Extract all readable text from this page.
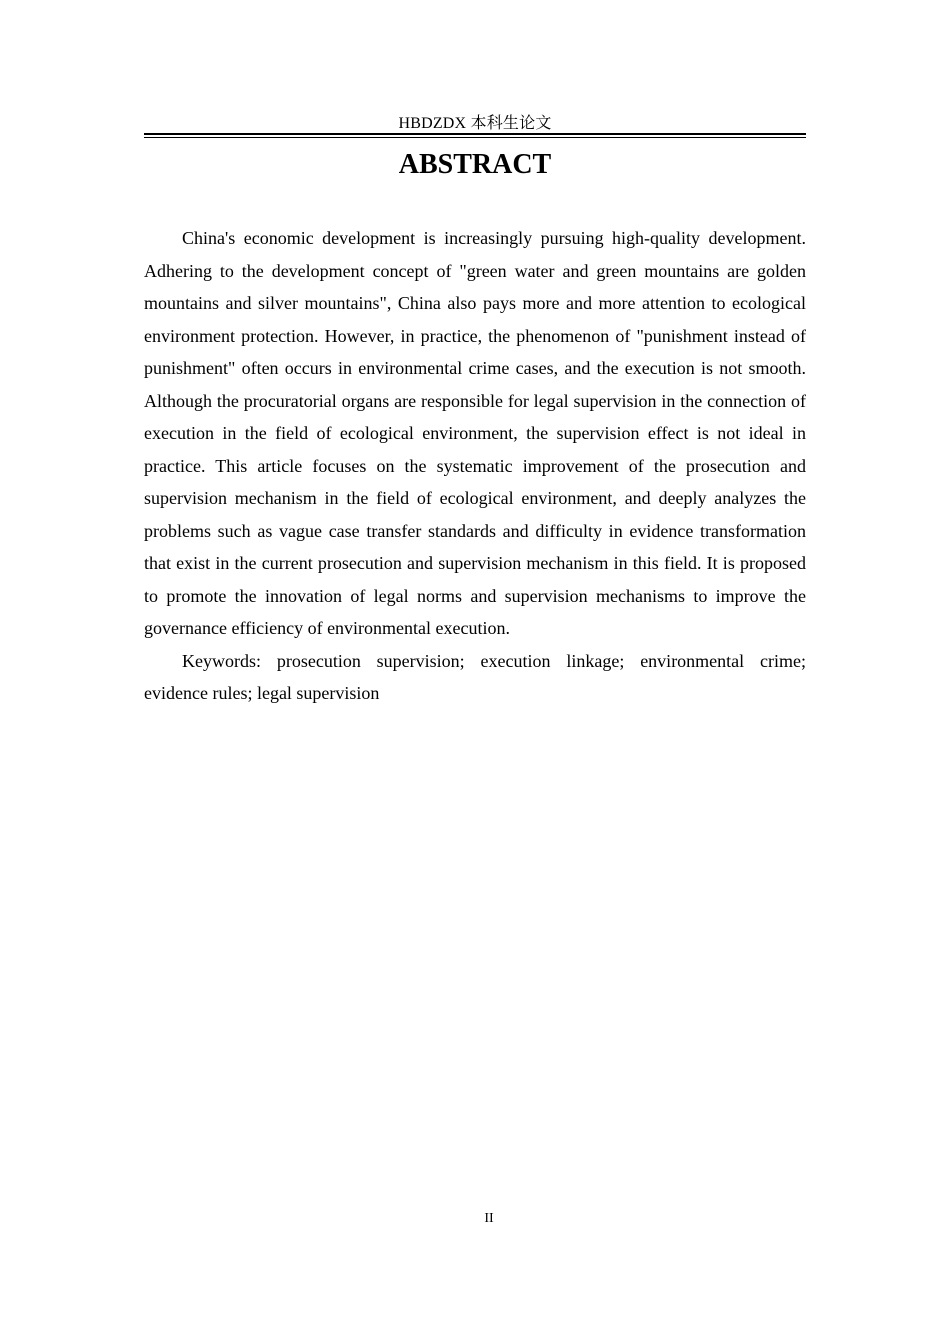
HBDZDX 本科生论文
ABSTRACT

China's economic development is increasingly pursuing high-quality development. Adhering to the development concept of "green water and green mountains are golden mountains and silver mountains", China also pays more and more attention to ecological environment protection. However, in practice, the phenomenon of "punishment instead of punishment" often occurs in environmental crime cases, and the execution is not smooth. Although the procuratorial organs are responsible for legal supervision in the connection of execution in the field of ecological environment, the supervision effect is not ideal in practice. This article focuses on the systematic improvement of the prosecution and supervision mechanism in the field of ecological environment, and deeply analyzes the problems such as vague case transfer standards and difficulty in evidence transformation that exist in the current prosecution and supervision mechanism in this field. It is proposed to promote the innovation of legal norms and supervision mechanisms to improve the governance efficiency of environmental execution.

Keywords: prosecution supervision; execution linkage; environmental crime; evidence rules; legal supervision

II
